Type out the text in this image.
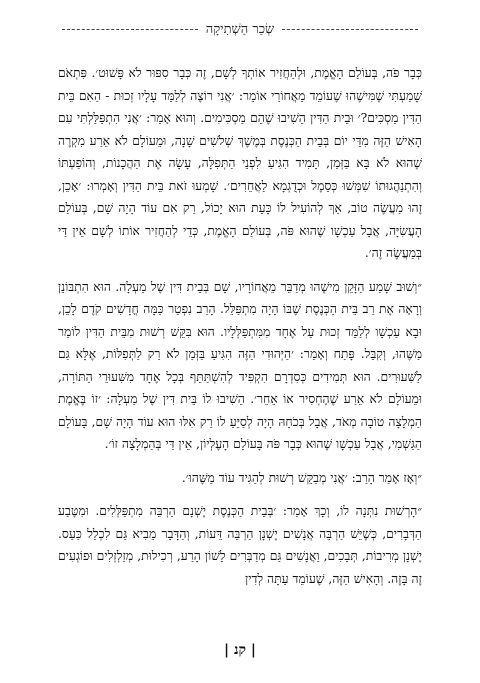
שְׂכַר הַשְׁתִיקָה

כְּבָר פֹּה, בְּעוֹלַם הָאֱמֶת, וּלְהַחֲזִיר אוֹתְךָ לְשָׁם, זֶה כְּבָר סִפּוּר לֹא פָּשׁוּט׳. פִּתְאֹם שָׁמַעְתִּי שֶׁמִּישֶׁהוּ שֶׁעוֹמֵד מֵאֲחוֹרַי אוֹמֵר: ׳אֲנִי רוֹצֶה לְלַמֵּד עָלָיו זְכוּת - הַאִם בֵּית הַדִּין מַסְכִּים?׳ וּבֵית הַדִּין הֵשִׁיבוּ שֶׁהֵם מַסְכִּימִים. וְהוּא אָמַר: ׳אֲנִי הִתְפַּלַּלְתִּי עִם הָאִישׁ הַזֶּה מִדֵּי יוֹם בְּבֵית הַכְּנֶסֶת בְּמֶשֶׁךְ שְׁלֹשִׁים שָׁנָה, וּמֵעוֹלָם לֹא אֵרַע מִקְרֶה שֶׁהוּא לֹא בָּא בַּזְּמַן, תָּמִיד הִגִּיעַ לִפְנֵי הַתְּפִלָּה, עָשָׂה אֶת הַהֲכָנוֹת, וְהוֹפַעְתּוֹ וְהִתְנַהֲגוּתוֹ שִׁמְּשׁוּ כְּסֵמֶל וּכְדֻגְמָא לַאֲחֵרִים׳. שָׁמְעוּ זֹאת בֵּית הַדִּין וְאָמְרוּ: ׳אָכֵן, זֶהוּ מַעֲשֶׂה טוֹב, אַךְ לְהוֹעִיל לוֹ כָּעֵת הוּא יָכוֹל, רַק אִם עוֹד הָיָה שָׁם, בְּעוֹלַם הָעֲשִׂיָּה, אֲבָל עַכְשָׁו שֶׁהוּא פֹּה, בְּעוֹלַם הָאֱמֶת, כְּדֵי לְהַחֲזִיר אוֹתוֹ לְשָׁם אֵין דַּי בְּמַעֲשֶׂה זֶה׳.

״וְשׁוּב שָׁמַע הַזָּקֵן מִישֶׁהוּ מְדַבֵּר מֵאֲחוֹרָיו, שָׁם בְּבֵית דִּין שֶׁל מַעְלָה. הוּא הִתְבּוֹנֵן וְרָאָה אֶת רַב בֵּית הַכְּנֶסֶת שֶׁבּוֹ הָיָה מִתְפַּלֵּל. הָרַב נִפְטַר כַּמָּה חֳדָשִׁים קֹדֶם לָכֵן, וּבָא עַכְשָׁו לְלַמֵּד זְכוּת עַל אֶחָד מִמִּתְפַּלְּלָיו. הוּא בִּקֵּשׁ רְשׁוּת מִבֵּית הַדִּין לוֹמַר מַשֶּׁהוּ, וְקִבֵּל. פָּתַח וְאָמַר: ׳הַיְּהוּדִי הַזֶּה הִגִּיעַ בַּזְּמַן לֹא רַק לַתְּפִלּוֹת, אֶלָּא גַּם לַשִּׁעוּרִים. הוּא תְּמִידִים כְּסִדְרָם הִקְפִּיד לְהִשְׁתַּתֵּף בְּכָל אֶחָד מִשִּׁעוּרֵי הַתּוֹרָה, וּמֵעוֹלָם לֹא אֵרַע שֶׁהֶחְסִיר אוֹ אֵחֵר׳. הֵשִׁיבוּ לוֹ בֵּית דִּין שֶׁל מַעְלָה: ׳זוֹ בֶּאֱמֶת הַמְלָצָה טוֹבָה מְאֹד, אֲבָל בְּכֹחָהּ הָיָה לְסַיֵּעַ לוֹ רַק אִלּוּ הוּא עוֹד הָיָה שָׁם, בָּעוֹלָם הַגַּשְׁמִי, אֲבָל עַכְשָׁו שֶׁהוּא כְּבָר פֹּה בָּעוֹלָם הָעֶלְיוֹן, אֵין דַּי בְּהַמְלָצָה זוֹ׳.

״וְאָז אָמַר הָרַב: ׳אֲנִי מְבַקֵּשׁ רְשׁוּת לְהַגִּיד עוֹד מַשֶּׁהוּ׳.

״הָרְשׁוּת נִתְּנָה לוֹ, וְכָךְ אָמַר: ׳בְּבֵית הַכְּנֶסֶת יֶשְׁנָם הַרְבֵּה מִתְפַּלְּלִים. וּמִטֶּבַע הַדְּבָרִים, כְּשֶׁיֵּשׁ הַרְבֵּה אֲנָשִׁים יֶשְׁנָן הַרְבֵּה דֵּעוֹת, וְהַדָּבָר מֵבִיא גַּם לִכְלַל כַּעַס. יֶשְׁנָן מְרִיבוֹת, תְּבָכִים, וַאֲנָשִׁים גַּם מְדַבְּרִים לָשׁוֹן הָרַע, רְכִילוּת, מְזַלְזְלִים וּפוֹגְעִים זֶה בָּזֶה. וְהָאִישׁ הַזֶּה, שֶׁעוֹמֵד עַתָּה לְדִין

| קנ |
